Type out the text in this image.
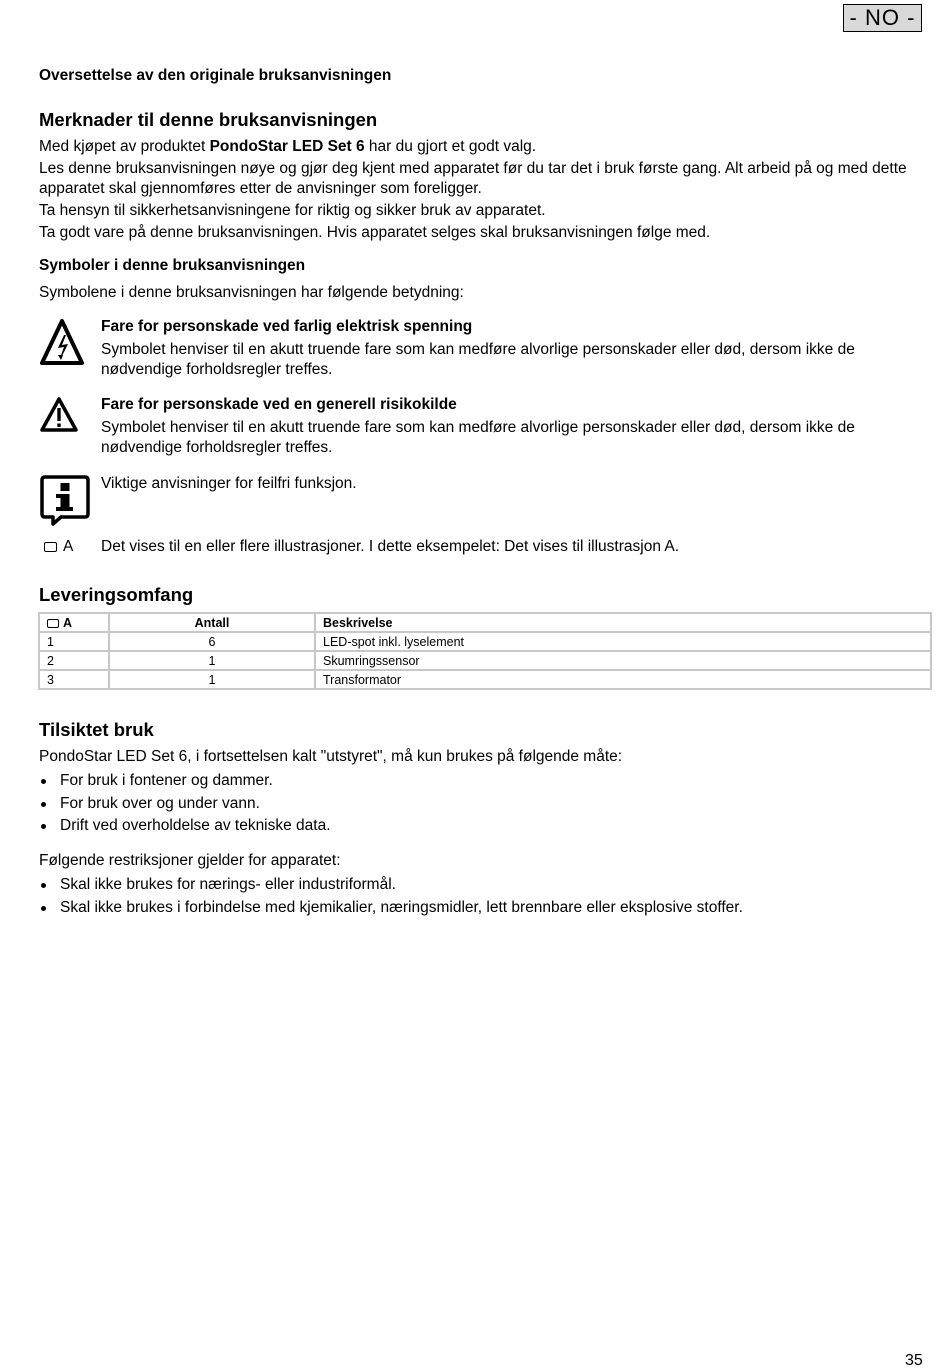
- NO -
Oversettelse av den originale bruksanvisningen
Merknader til denne bruksanvisningen
Med kjøpet av produktet PondoStar LED Set 6 har du gjort et godt valg.
Les denne bruksanvisningen nøye og gjør deg kjent med apparatet før du tar det i bruk første gang. Alt arbeid på og med dette apparatet skal gjennomføres etter de anvisninger som foreligger.
Ta hensyn til sikkerhetsanvisningene for riktig og sikker bruk av apparatet.
Ta godt vare på denne bruksanvisningen. Hvis apparatet selges skal bruksanvisningen følge med.
Symboler i denne bruksanvisningen
Symbolene i denne bruksanvisningen har følgende betydning:
Fare for personskade ved farlig elektrisk spenning
Symbolet henviser til en akutt truende fare som kan medføre alvorlige personskader eller død, dersom ikke de nødvendige forholdsregler treffes.
Fare for personskade ved en generell risikokilde
Symbolet henviser til en akutt truende fare som kan medføre alvorlige personskader eller død, dersom ikke de nødvendige forholdsregler treffes.
Viktige anvisninger for feilfri funksjon.
A Det vises til en eller flere illustrasjoner. I dette eksempelet: Det vises til illustrasjon A.
Leveringsomfang
A	Antall	Beskrivelse
1	6	LED-spot inkl. lyselement
2	1	Skumringssensor
3	1	Transformator
Tilsiktet bruk
PondoStar LED Set 6, i fortsettelsen kalt "utstyret", må kun brukes på følgende måte:
For bruk i fontener og dammer.
For bruk over og under vann.
Drift ved overholdelse av tekniske data.
Følgende restriksjoner gjelder for apparatet:
Skal ikke brukes for nærings- eller industriformål.
Skal ikke brukes i forbindelse med kjemikalier, næringsmidler, lett brennbare eller eksplosive stoffer.
35
